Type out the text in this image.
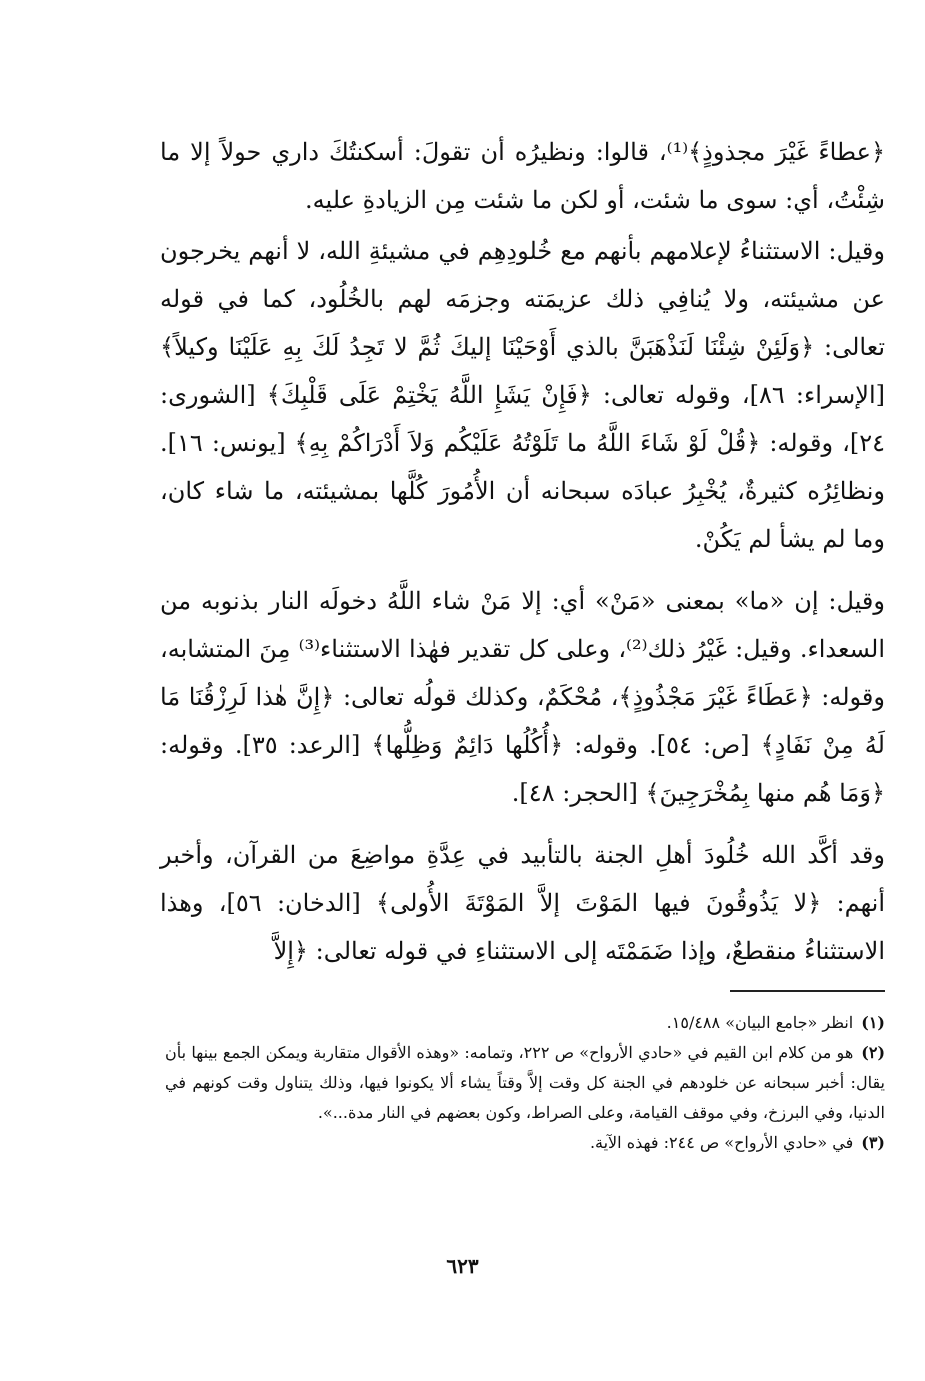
﴿عطاءً غَيْرَ مجذوذٍ﴾⁽¹⁾، قالوا: ونظيرُه أن تقولَ: أسكنتُكَ داري حولاً إلا ما شِئْتُ، أي: سوى ما شئت، أو لكن ما شئت مِن الزيادةِ عليه.

وقيل: الاستثناءُ لإعلامهم بأنهم مع خُلودِهِم في مشيئةِ الله، لا أنهم يخرجون عن مشيئته، ولا يُنافِي ذلك عزيمَته وجزمَه لهم بالخُلُود، كما في قوله تعالى: ﴿وَلَئِنْ شِئْنَا لَنَذْهَبَنَّ بالذي أَوْحَيْنَا إليكَ ثُمَّ لا تَجِدُ لَكَ بِهِ عَلَيْنَا وكيلاً﴾ [الإسراء: ٨٦]، وقوله تعالى: ﴿فَإِنْ يَشَإِ اللَّهُ يَخْتِمْ عَلَى قَلْبِكَ﴾ [الشورى: ٢٤]، وقوله: ﴿قُلْ لَوْ شَاءَ اللَّهُ ما تَلَوْتُهُ عَلَيْكُم وَلاَ أَدْرَاكُمْ بِهِ﴾ [يونس: ١٦]. ونظائِرُه كثيرةٌ، يُخْبِرُ عبادَه سبحانه أن الأُمُورَ كُلَّها بمشيئته، ما شاء كان، وما لم يشأ لم يَكُنْ.

وقيل: إن «ما» بمعنى «مَنْ» أي: إلا مَنْ شاء اللَّهُ دخولَه النار بذنوبه من السعداء. وقيل: غَيْرُ ذلك⁽²⁾، وعلى كل تقدير فهٰذا الاستثناء⁽³⁾ مِنَ المتشابه، وقوله: ﴿عَطَاءً غَيْرَ مَجْذُوذٍ﴾، مُحْكَمٌ، وكذلك قولُه تعالى: ﴿إِنَّ هٰذا لَرِزْقُنَا مَا لَهُ مِنْ نَفَادٍ﴾ [ص: ٥٤]. وقوله: ﴿أُكُلُها دَائِمٌ وَظِلُّها﴾ [الرعد: ٣٥]. وقوله: ﴿وَمَا هُم منها بِمُخْرَجِينَ﴾ [الحجر: ٤٨].

وقد أكَّد الله خُلُودَ أهلِ الجنة بالتأبيد في عِدَّةِ مواضِعَ من القرآن، وأخبر أنهم: ﴿لا يَذُوقُونَ فيها المَوْتَ إلاَّ المَوْتَةَ الأُولى﴾ [الدخان: ٥٦]، وهذا الاستثناءُ منقطعٌ، وإذا ضَمَمْتَه إلى الاستثناءِ في قوله تعالى: ﴿إِلاَّ

(١)انظر «جامع البيان» ١٥/٤٨٨.

(٢)هو من كلام ابن القيم في «حادي الأرواح» ص ٢٢٢، وتمامه: «وهذه الأقوال متقاربة ويمكن الجمع بينها بأن يقال: أخبر سبحانه عن خلودهم في الجنة كل وقت إلاَّ وقتاً يشاء ألا يكونوا فيها، وذلك يتناول وقت كونهم في الدنيا، وفي البرزخ، وفي موقف القيامة، وعلى الصراط، وكون بعضهم في النار مدة...».

(٣)في «حادي الأرواح» ص ٢٤٤: فهذه الآية.

٦٢٣
